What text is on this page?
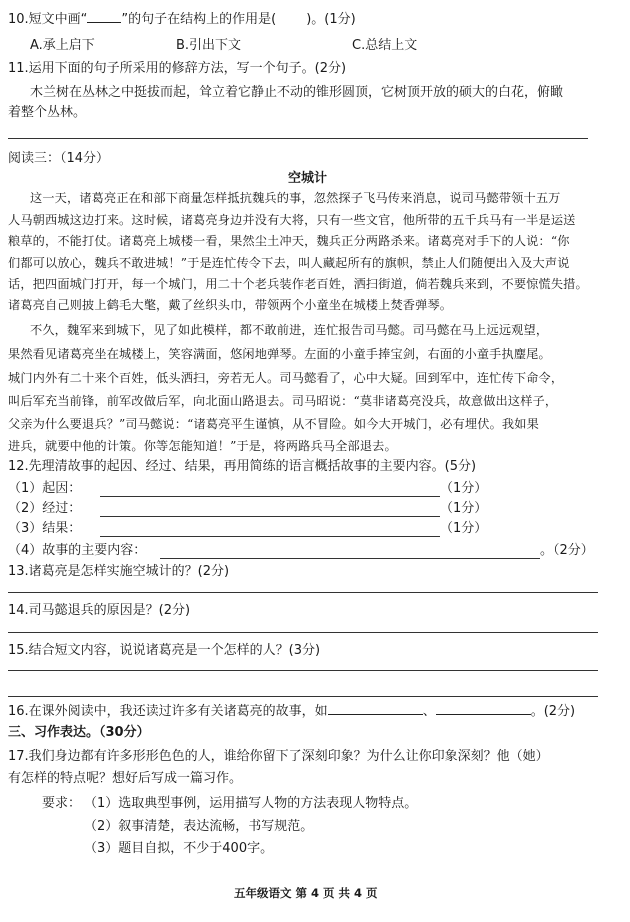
10.短文中画“	”的句子在结构上的作用是( )。(1分)
A.承上启下	B.引出下文	C.总结上文
11.运用下面的句子所采用的修辞方法，写一个句子。(2分)
木兰树在丛林之中挺拔而起，耸立着它静止不动的锥形圆顶，它树顶开放的硕大的白花，俯瞰
着整个丛林。
阅读三：（14分）
空城计
这一天，诸葛亮正在和部下商量怎样抵抗魏兵的事，忽然探子飞马传来消息，说司马懿带领十五万
人马朝西城这边打来。这时候，诸葛亮身边并没有大将，只有一些文官，他所带的五千兵马有一半是运送
粮草的，不能打仗。诸葛亮上城楼一看，果然尘土冲天，魏兵正分两路杀来。诸葛亮对手下的人说：“你
们都可以放心，魏兵不敢进城！”于是连忙传令下去，叫人藏起所有的旗帜，禁止人们随便出入及大声说
话，把四面城门打开，每一个城门，用二十个老兵装作老百姓，洒扫街道，倘若魏兵来到，不要惊慌失措。
诸葛亮自己则披上鹤毛大氅，戴了丝织头巾，带领两个小童坐在城楼上焚香弹琴。
不久，魏军来到城下，见了如此模样，都不敢前进，连忙报告司马懿。司马懿在马上远远观望，
果然看见诸葛亮坐在城楼上，笑容满面，悠闲地弹琴。左面的小童手捧宝剑，右面的小童手执麈尾。
城门内外有二十来个百姓，低头洒扫，旁若无人。司马懿看了，心中大疑。回到军中，连忙传下命令，
叫后军充当前锋，前军改做后军，向北面山路退去。司马昭说：“莫非诸葛亮没兵，故意做出这样子，
父亲为什么要退兵？”司马懿说：“诸葛亮平生谨慎，从不冒险。如今大开城门，必有埋伏。我如果
进兵，就要中他的计策。你等怎能知道！”于是，将两路兵马全部退去。
12.先理清故事的起因、经过、结果，再用简练的语言概括故事的主要内容。(5分)
（1）起因：	（1分）
（2）经过：	（1分）
（3）结果：	（1分）
（4）故事的主要内容：	。（2分）
13.诸葛亮是怎样实施空城计的？(2分)
14.司马懿退兵的原因是？(2分)
15.结合短文内容，说说诸葛亮是一个怎样的人？(3分)
16.在课外阅读中，我还读过许多有关诸葛亮的故事，如	、	。(2分)
三、习作表达。（30分）
17.我们身边都有许多形形色色的人，谁给你留下了深刻印象？为什么让你印象深刻？他（她）
有怎样的特点呢？想好后写成一篇习作。
要求： （1）选取典型事例，运用描写人物的方法表现人物特点。
（2）叙事清楚，表达流畅，书写规范。
（3）题目自拟，不少于400字。
五年级语文 第 4 页 共 4 页
